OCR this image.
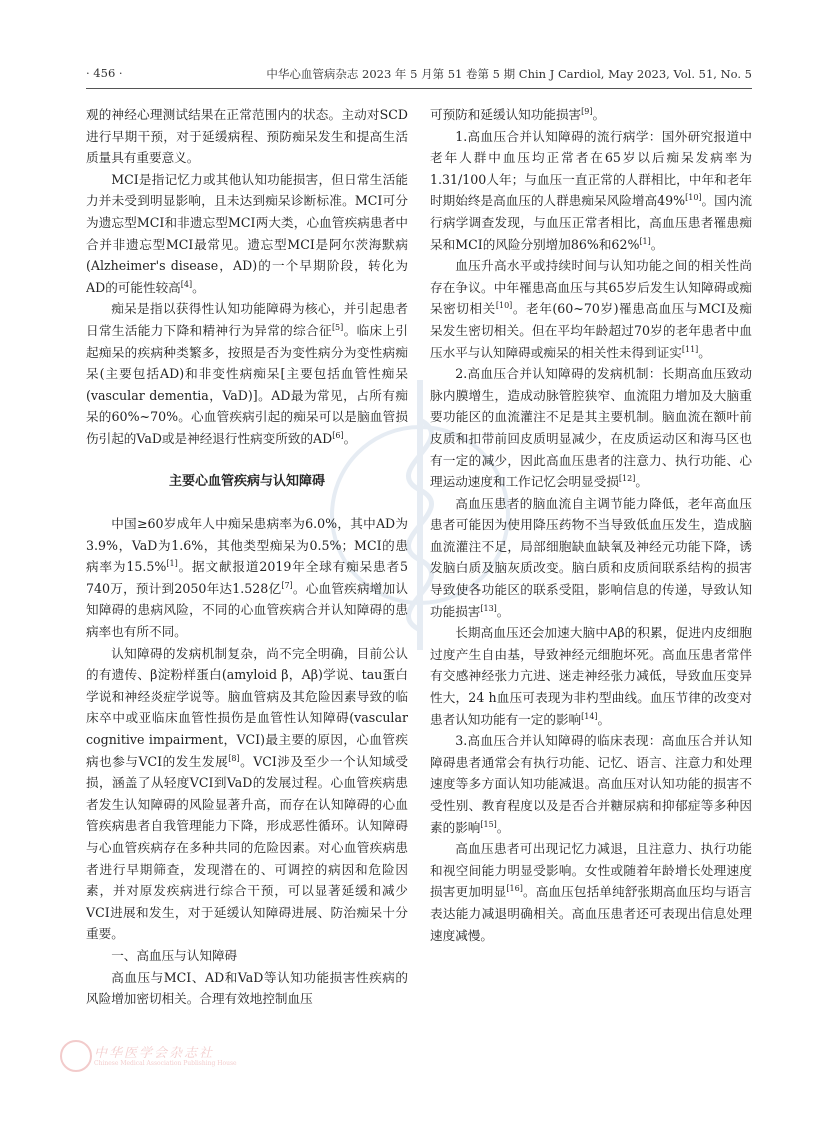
· 456 ·	中华心血管病杂志 2023 年 5 月第 51 卷第 5 期 Chin J Cardiol, May 2023, Vol. 51, No. 5

观的神经心理测试结果在正常范围内的状态。主动对SCD进行早期干预，对于延缓病程、预防痴呆发生和提高生活质量具有重要意义。

MCI是指记忆力或其他认知功能损害，但日常生活能力并未受到明显影响，且未达到痴呆诊断标准。MCI可分为遗忘型MCI和非遗忘型MCI两大类，心血管疾病患者中合并非遗忘型MCI最常见。遗忘型MCI是阿尔茨海默病(Alzheimer's disease，AD)的一个早期阶段，转化为AD的可能性较高[4]。

痴呆是指以获得性认知功能障碍为核心，并引起患者日常生活能力下降和精神行为异常的综合征[5]。临床上引起痴呆的疾病种类繁多，按照是否为变性病分为变性病痴呆(主要包括AD)和非变性病痴呆[主要包括血管性痴呆(vascular dementia，VaD)]。AD最为常见，占所有痴呆的60%~70%。心血管疾病引起的痴呆可以是脑血管损伤引起的VaD或是神经退行性病变所致的AD[6]。

主要心血管疾病与认知障碍

中国≥60岁成年人中痴呆患病率为6.0%，其中AD为3.9%，VaD为1.6%，其他类型痴呆为0.5%；MCI的患病率为15.5%[1]。据文献报道2019年全球有痴呆患者5 740万，预计到2050年达1.528亿[7]。心血管疾病增加认知障碍的患病风险，不同的心血管疾病合并认知障碍的患病率也有所不同。

认知障碍的发病机制复杂，尚不完全明确，目前公认的有遗传、β淀粉样蛋白(amyloid β，Aβ)学说、tau蛋白学说和神经炎症学说等。脑血管病及其危险因素导致的临床卒中或亚临床血管性损伤是血管性认知障碍(vascular cognitive impairment，VCI)最主要的原因，心血管疾病也参与VCI的发生发展[8]。VCI涉及至少一个认知域受损，涵盖了从轻度VCI到VaD的发展过程。心血管疾病患者发生认知障碍的风险显著升高，而存在认知障碍的心血管疾病患者自我管理能力下降，形成恶性循环。认知障碍与心血管疾病存在多种共同的危险因素。对心血管疾病患者进行早期筛查，发现潜在的、可调控的病因和危险因素，并对原发疾病进行综合干预，可以显著延缓和减少VCI进展和发生，对于延缓认知障碍进展、防治痴呆十分重要。

一、高血压与认知障碍

高血压与MCI、AD和VaD等认知功能损害性疾病的风险增加密切相关。合理有效地控制血压

可预防和延缓认知功能损害[9]。

1.高血压合并认知障碍的流行病学：国外研究报道中老年人群中血压均正常者在65岁以后痴呆发病率为1.31/100人年；与血压一直正常的人群相比，中年和老年时期始终是高血压的人群患痴呆风险增高49%[10]。国内流行病学调查发现，与血压正常者相比，高血压患者罹患痴呆和MCI的风险分别增加86%和62%[1]。

血压升高水平或持续时间与认知功能之间的相关性尚存在争议。中年罹患高血压与其65岁后发生认知障碍或痴呆密切相关[10]。老年(60~70岁)罹患高血压与MCI及痴呆发生密切相关。但在平均年龄超过70岁的老年患者中血压水平与认知障碍或痴呆的相关性未得到证实[11]。

2.高血压合并认知障碍的发病机制：长期高血压致动脉内膜增生，造成动脉管腔狭窄、血流阻力增加及大脑重要功能区的血流灌注不足是其主要机制。脑血流在额叶前皮质和扣带前回皮质明显减少，在皮质运动区和海马区也有一定的减少，因此高血压患者的注意力、执行功能、心理运动速度和工作记忆会明显受损[12]。

高血压患者的脑血流自主调节能力降低，老年高血压患者可能因为使用降压药物不当导致低血压发生，造成脑血流灌注不足，局部细胞缺血缺氧及神经元功能下降，诱发脑白质及脑灰质改变。脑白质和皮质间联系结构的损害导致使各功能区的联系受阻，影响信息的传递，导致认知功能损害[13]。

长期高血压还会加速大脑中Aβ的积累，促进内皮细胞过度产生自由基，导致神经元细胞坏死。高血压患者常伴有交感神经张力亢进、迷走神经张力减低，导致血压变异性大，24 h血压可表现为非杓型曲线。血压节律的改变对患者认知功能有一定的影响[14]。

3.高血压合并认知障碍的临床表现：高血压合并认知障碍患者通常会有执行功能、记忆、语言、注意力和处理速度等多方面认知功能减退。高血压对认知功能的损害不受性别、教育程度以及是否合并糖尿病和抑郁症等多种因素的影响[15]。

高血压患者可出现记忆力减退，且注意力、执行功能和视空间能力明显受影响。女性或随着年龄增长处理速度损害更加明显[16]。高血压包括单纯舒张期高血压均与语言表达能力减退明确相关。高血压患者还可表现出信息处理速度减慢。

中华医学会杂志社
Chinese Medical Association Publishing House
